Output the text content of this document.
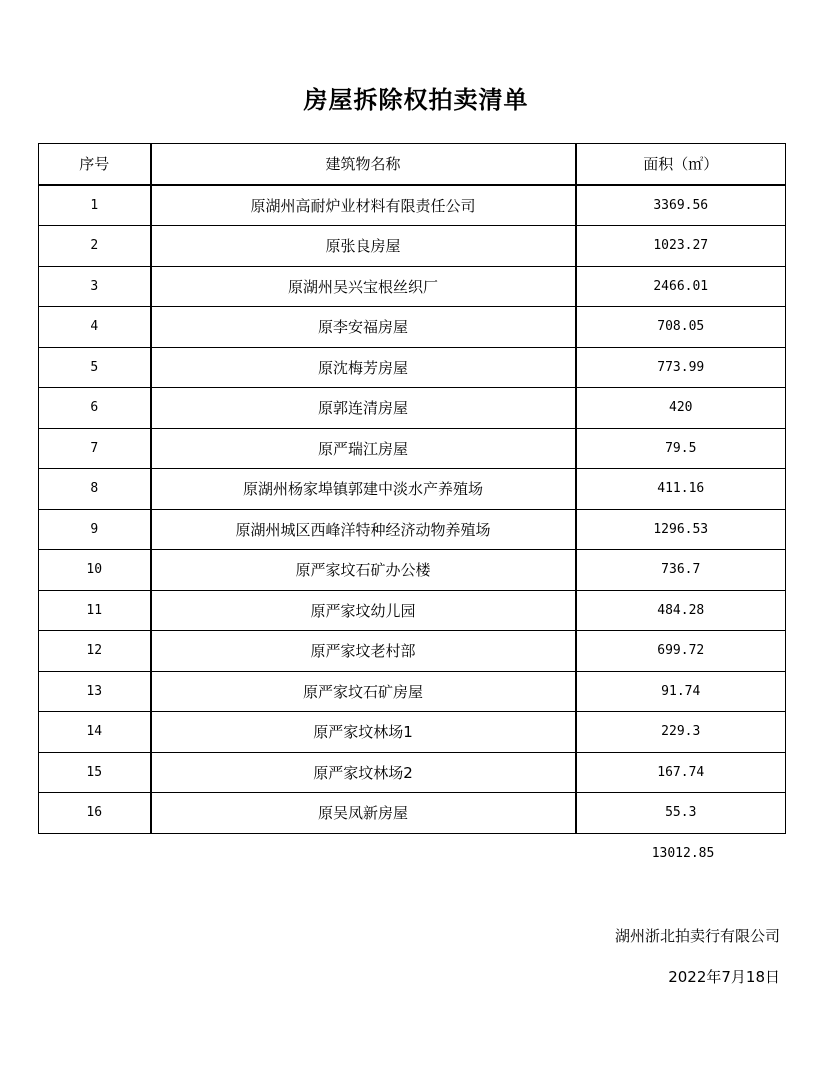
房屋拆除权拍卖清单
序号	建筑物名称	面积（㎡）
1	原湖州高耐炉业材料有限责任公司	3369.56
2	原张良房屋	1023.27
3	原湖州吴兴宝根丝织厂	2466.01
4	原李安福房屋	708.05
5	原沈梅芳房屋	773.99
6	原郭连清房屋	420
7	原严瑞江房屋	79.5
8	原湖州杨家埠镇郭建中淡水产养殖场	411.16
9	原湖州城区西峰洋特种经济动物养殖场	1296.53
10	原严家坟石矿办公楼	736.7
11	原严家坟幼儿园	484.28
12	原严家坟老村部	699.72
13	原严家坟石矿房屋	91.74
14	原严家坟林场1	229.3
15	原严家坟林场2	167.74
16	原吴凤新房屋	55.3
13012.85
湖州浙北拍卖行有限公司
2022年7月18日
